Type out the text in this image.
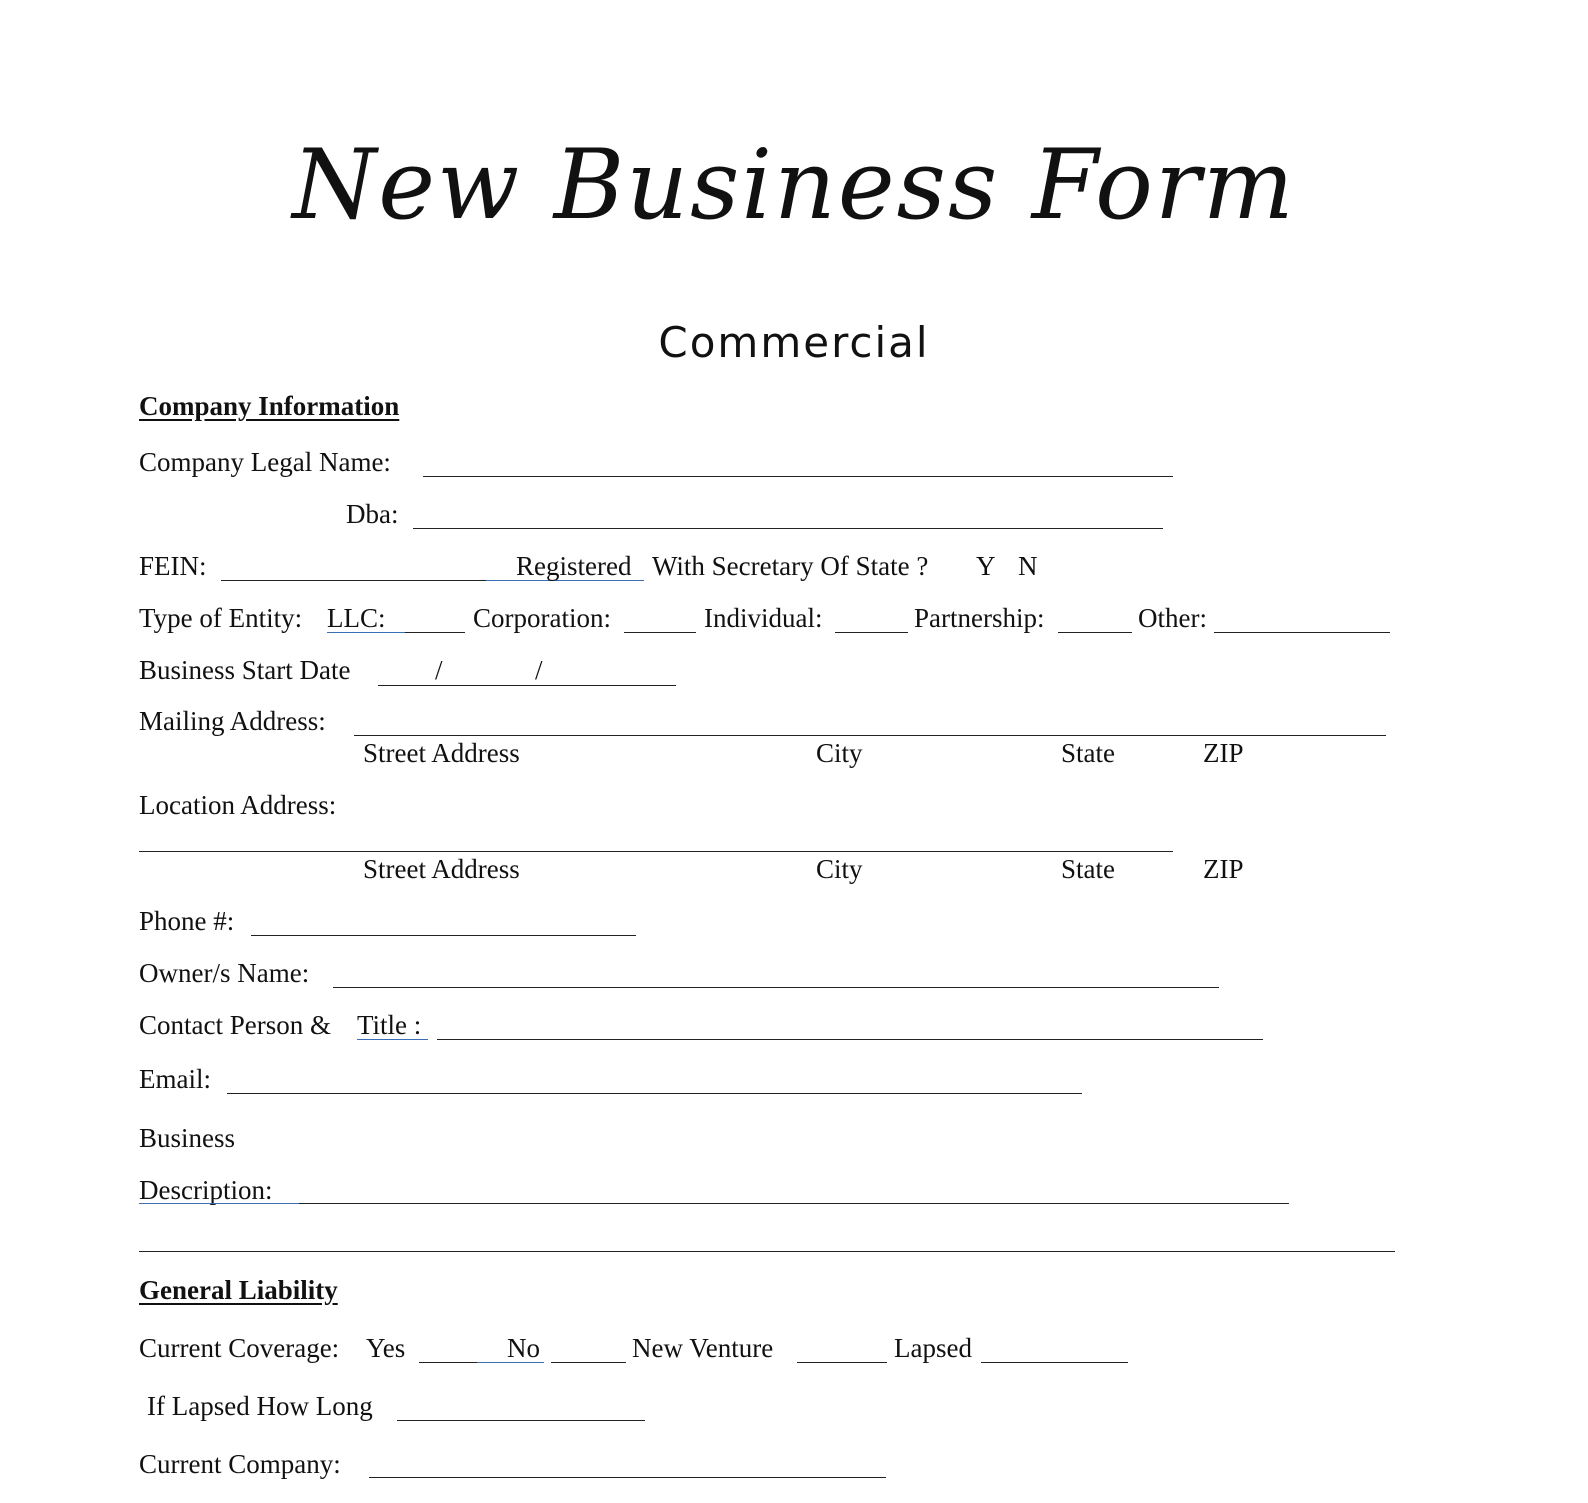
New Business Form
Commercial
Company Information
Company Legal Name:
Dba:
FEIN:	Registered With Secretary Of State ? Y N
Type of Entity: LLC:	Corporation:	Individual:	Partnership:	Other:
Business Start Date	/	/
Mailing Address:
Street Address	City	State	ZIP
Location Address:
Street Address	City	State	ZIP
Phone #:
Owner/s Name:
Contact Person & Title :
Email:
Business
Description:
General Liability
Current Coverage: Yes	No	New Venture	Lapsed
If Lapsed How Long
Current Company:
